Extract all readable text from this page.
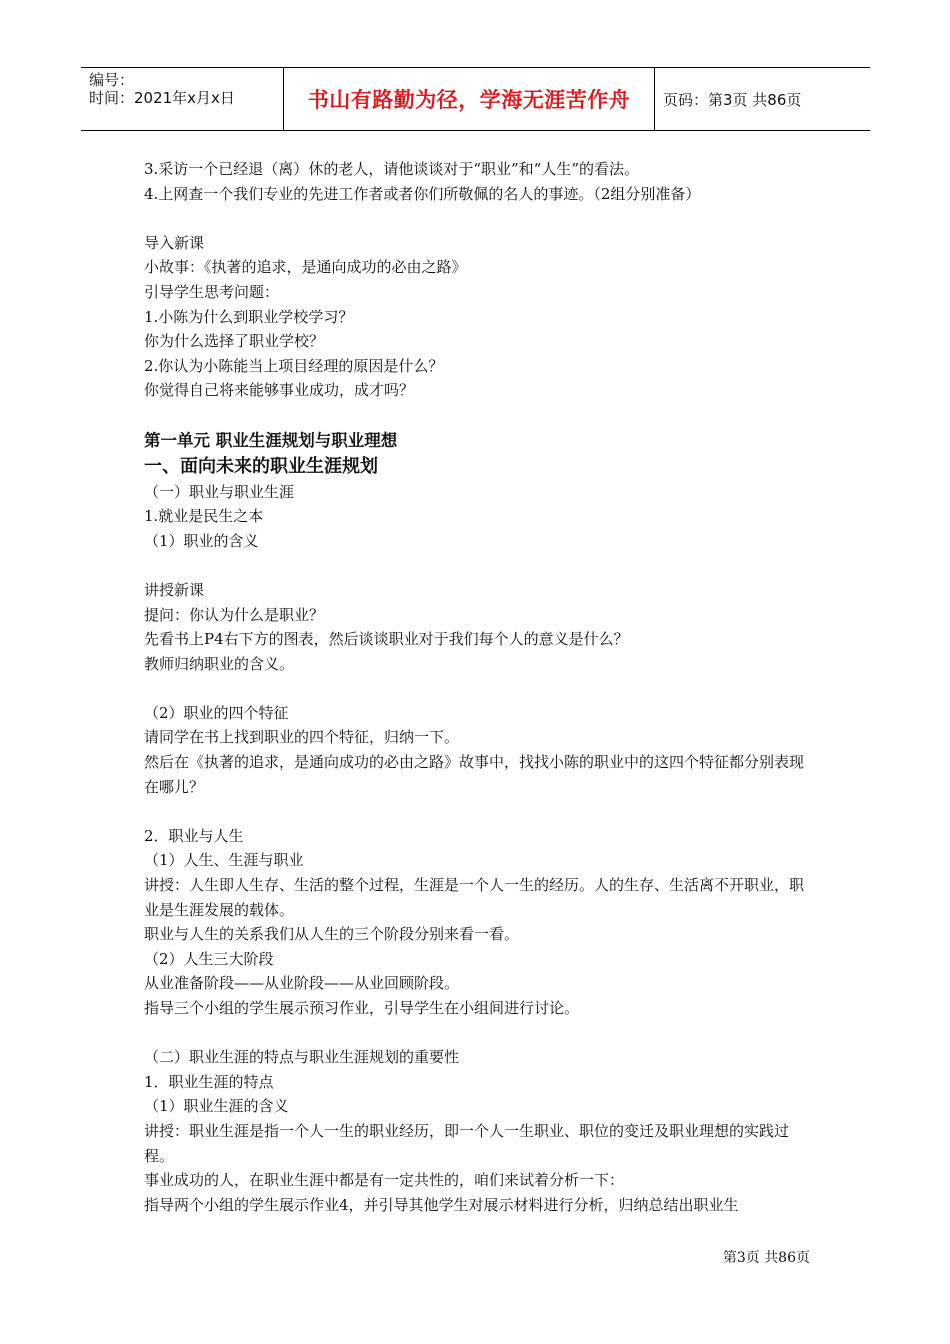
编号：
时间：2021年x月x日	书山有路勤为径，学海无涯苦作舟	页码：第3页 共86页

3.采访一个已经退（离）休的老人，请他谈谈对于“职业”和“人生”的看法。

4.上网查一个我们专业的先进工作者或者你们所敬佩的名人的事迹。（2组分别准备）

导入新课

小故事：《执著的追求，是通向成功的必由之路》

引导学生思考问题：

1.小陈为什么到职业学校学习？

你为什么选择了职业学校？

2.你认为小陈能当上项目经理的原因是什么？

你觉得自己将来能够事业成功，成才吗？

第一单元 职业生涯规划与职业理想

一、面向未来的职业生涯规划

（一）职业与职业生涯

1.就业是民生之本

（1）职业的含义

讲授新课

提问：你认为什么是职业？

先看书上P4右下方的图表，然后谈谈职业对于我们每个人的意义是什么？

教师归纳职业的含义。

（2）职业的四个特征

请同学在书上找到职业的四个特征，归纳一下。

然后在《执著的追求，是通向成功的必由之路》故事中，找找小陈的职业中的这四个特征都分别表现在哪儿？

2．职业与人生

（1）人生、生涯与职业

讲授：人生即人生存、生活的整个过程，生涯是一个人一生的经历。人的生存、生活离不开职业，职业是生涯发展的载体。

职业与人生的关系我们从人生的三个阶段分别来看一看。

（2）人生三大阶段

从业准备阶段——从业阶段——从业回顾阶段。

指导三个小组的学生展示预习作业，引导学生在小组间进行讨论。

（二）职业生涯的特点与职业生涯规划的重要性

1．职业生涯的特点

（1）职业生涯的含义

讲授：职业生涯是指一个人一生的职业经历，即一个人一生职业、职位的变迁及职业理想的实践过程。

事业成功的人，在职业生涯中都是有一定共性的，咱们来试着分析一下：

指导两个小组的学生展示作业4，并引导其他学生对展示材料进行分析，归纳总结出职业生

第3页 共86页
